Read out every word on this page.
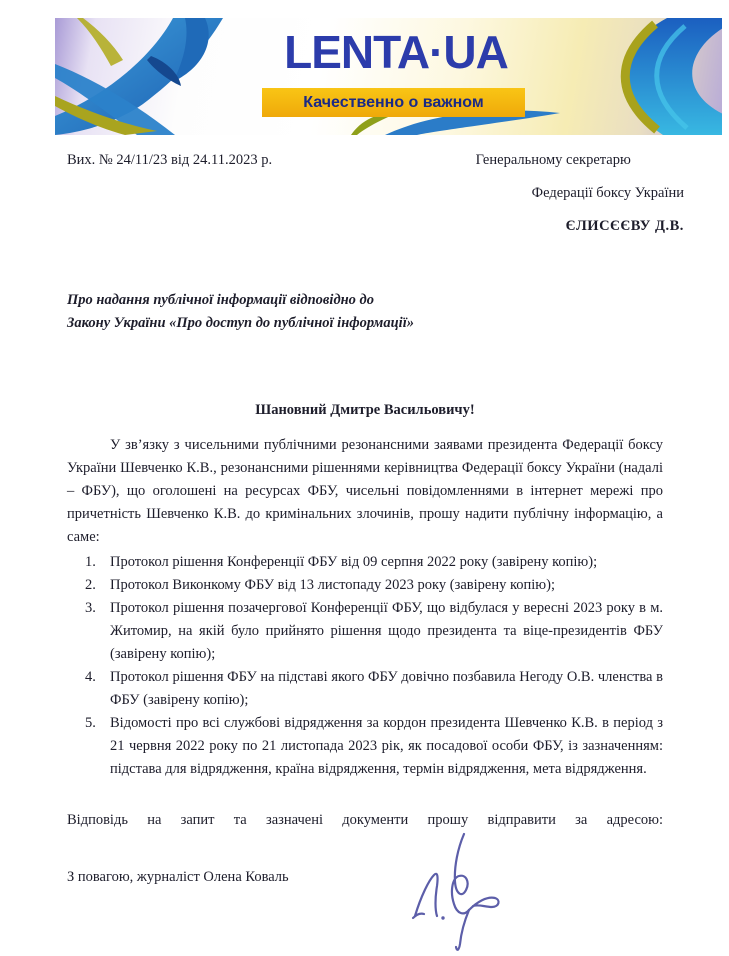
LENTA·UA
Качественно о важном
Вих. № 24/11/23 від 24.11.2023 р.	Генеральному секретарю
Федерації боксу України
ЄЛИСЄЄВУ Д.В.
Про надання публічної інформації відповідно до
Закону України «Про доступ до публічної інформації»
Шановний Дмитре Васильовичу!
У зв’язку з чисельними публічними резонансними заявами президента Федерації боксу України Шевченко К.В., резонансними рішеннями керівництва Федерації боксу України (надалі – ФБУ), що оголошені на ресурсах ФБУ, чисельні повідомленнями в інтернет мережі про причетність Шевченко К.В. до кримінальних злочинів, прошу надити публічну інформацію, а саме:
Протокол рішення Конференції ФБУ від 09 серпня 2022 року (завірену копію);
Протокол Виконкому ФБУ від 13 листопаду 2023 року (завірену копію);
Протокол рішення позачергової Конференції ФБУ, що відбулася у вересні 2023 року в м. Житомир, на якій було прийнято рішення щодо президента та віце-президентів ФБУ (завірену копію);
Протокол рішення ФБУ на підставі якого ФБУ довічно позбавила Негоду О.В. членства в ФБУ (завірену копію);
Відомості про всі службові відрядження за кордон президента Шевченко К.В. в період з 21 червня 2022 року по 21 листопада 2023 рік, як посадової особи ФБУ, із зазначенням: підстава для відрядження, країна відрядження, термін відрядження, мета відрядження.
Відповідь на запит та зазначені документи прошу відправити за адресою:
З повагою, журналіст Олена Коваль
